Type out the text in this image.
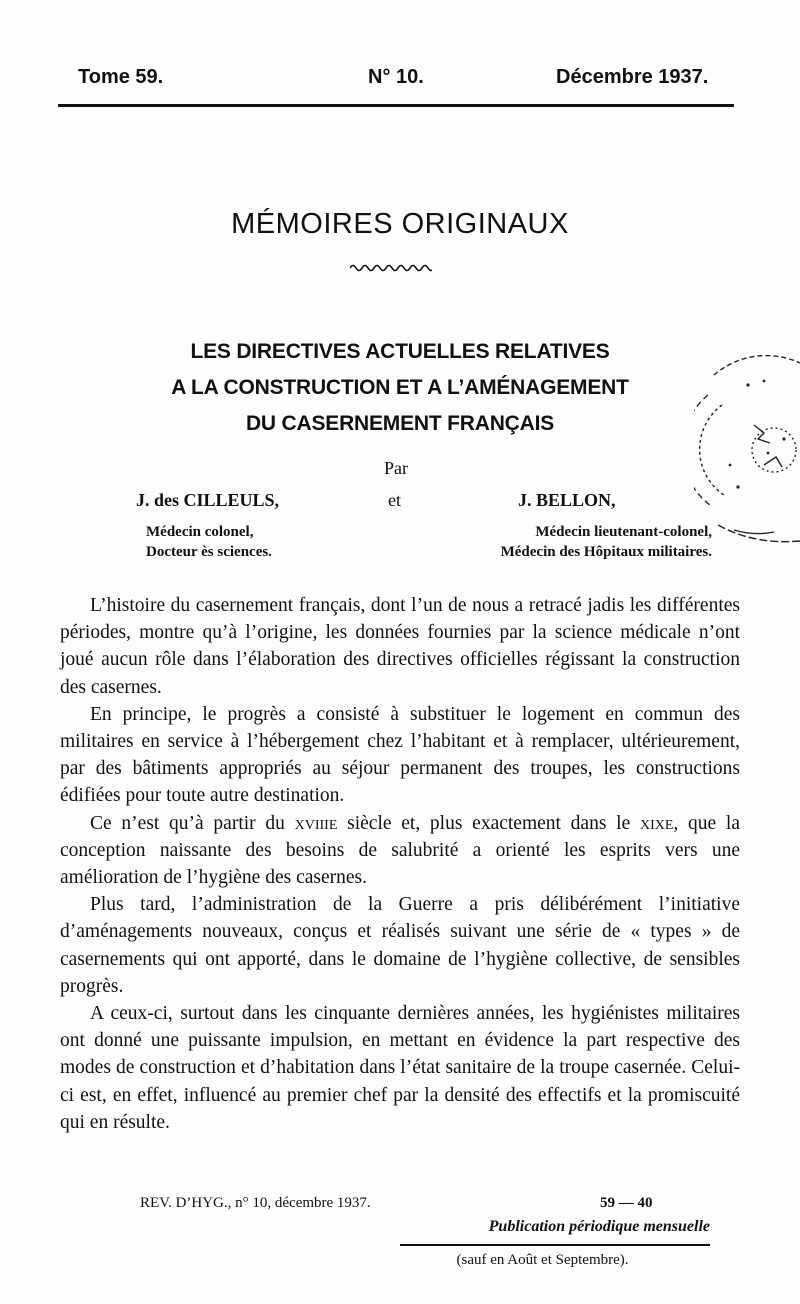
Tome 59.	N° 10.	Décembre 1937.
MÉMOIRES ORIGINAUX
LES DIRECTIVES ACTUELLES RELATIVES
A LA CONSTRUCTION ET A L’AMÉNAGEMENT
DU CASERNEMENT FRANÇAIS
Par
et
J. des CILLEULS,
Médecin colonel,
Docteur ès sciences.
J. BELLON,
Médecin lieutenant-colonel,
Médecin des Hôpitaux militaires.

L’histoire du casernement français, dont l’un de nous a retracé jadis les différentes périodes, montre qu’à l’origine, les données fournies par la science médicale n’ont joué aucun rôle dans l’élaboration des directives officielles régissant la construction des casernes.

En principe, le progrès a consisté à substituer le logement en commun des militaires en service à l’hébergement chez l’habitant et à remplacer, ultérieurement, par des bâtiments appropriés au séjour permanent des troupes, les constructions édifiées pour toute autre destination.

Ce n’est qu’à partir du xviiie siècle et, plus exactement dans le xixe, que la conception naissante des besoins de salubrité a orienté les esprits vers une amélioration de l’hygiène des casernes.

Plus tard, l’administration de la Guerre a pris délibérément l’initiative d’aménagements nouveaux, conçus et réalisés suivant une série de « types » de casernements qui ont apporté, dans le domaine de l’hygiène collective, de sensibles progrès.

A ceux-ci, surtout dans les cinquante dernières années, les hygiénistes militaires ont donné une puissante impulsion, en mettant en évidence la part respective des modes de construction et d’habitation dans l’état sanitaire de la troupe casernée. Celui-ci est, en effet, influencé au premier chef par la densité des effectifs et la promiscuité qui en résulte.

REV. D’HYG., n° 10, décembre 1937.	59 — 40
Publication périodique mensuelle
(sauf en Août et Septembre).
